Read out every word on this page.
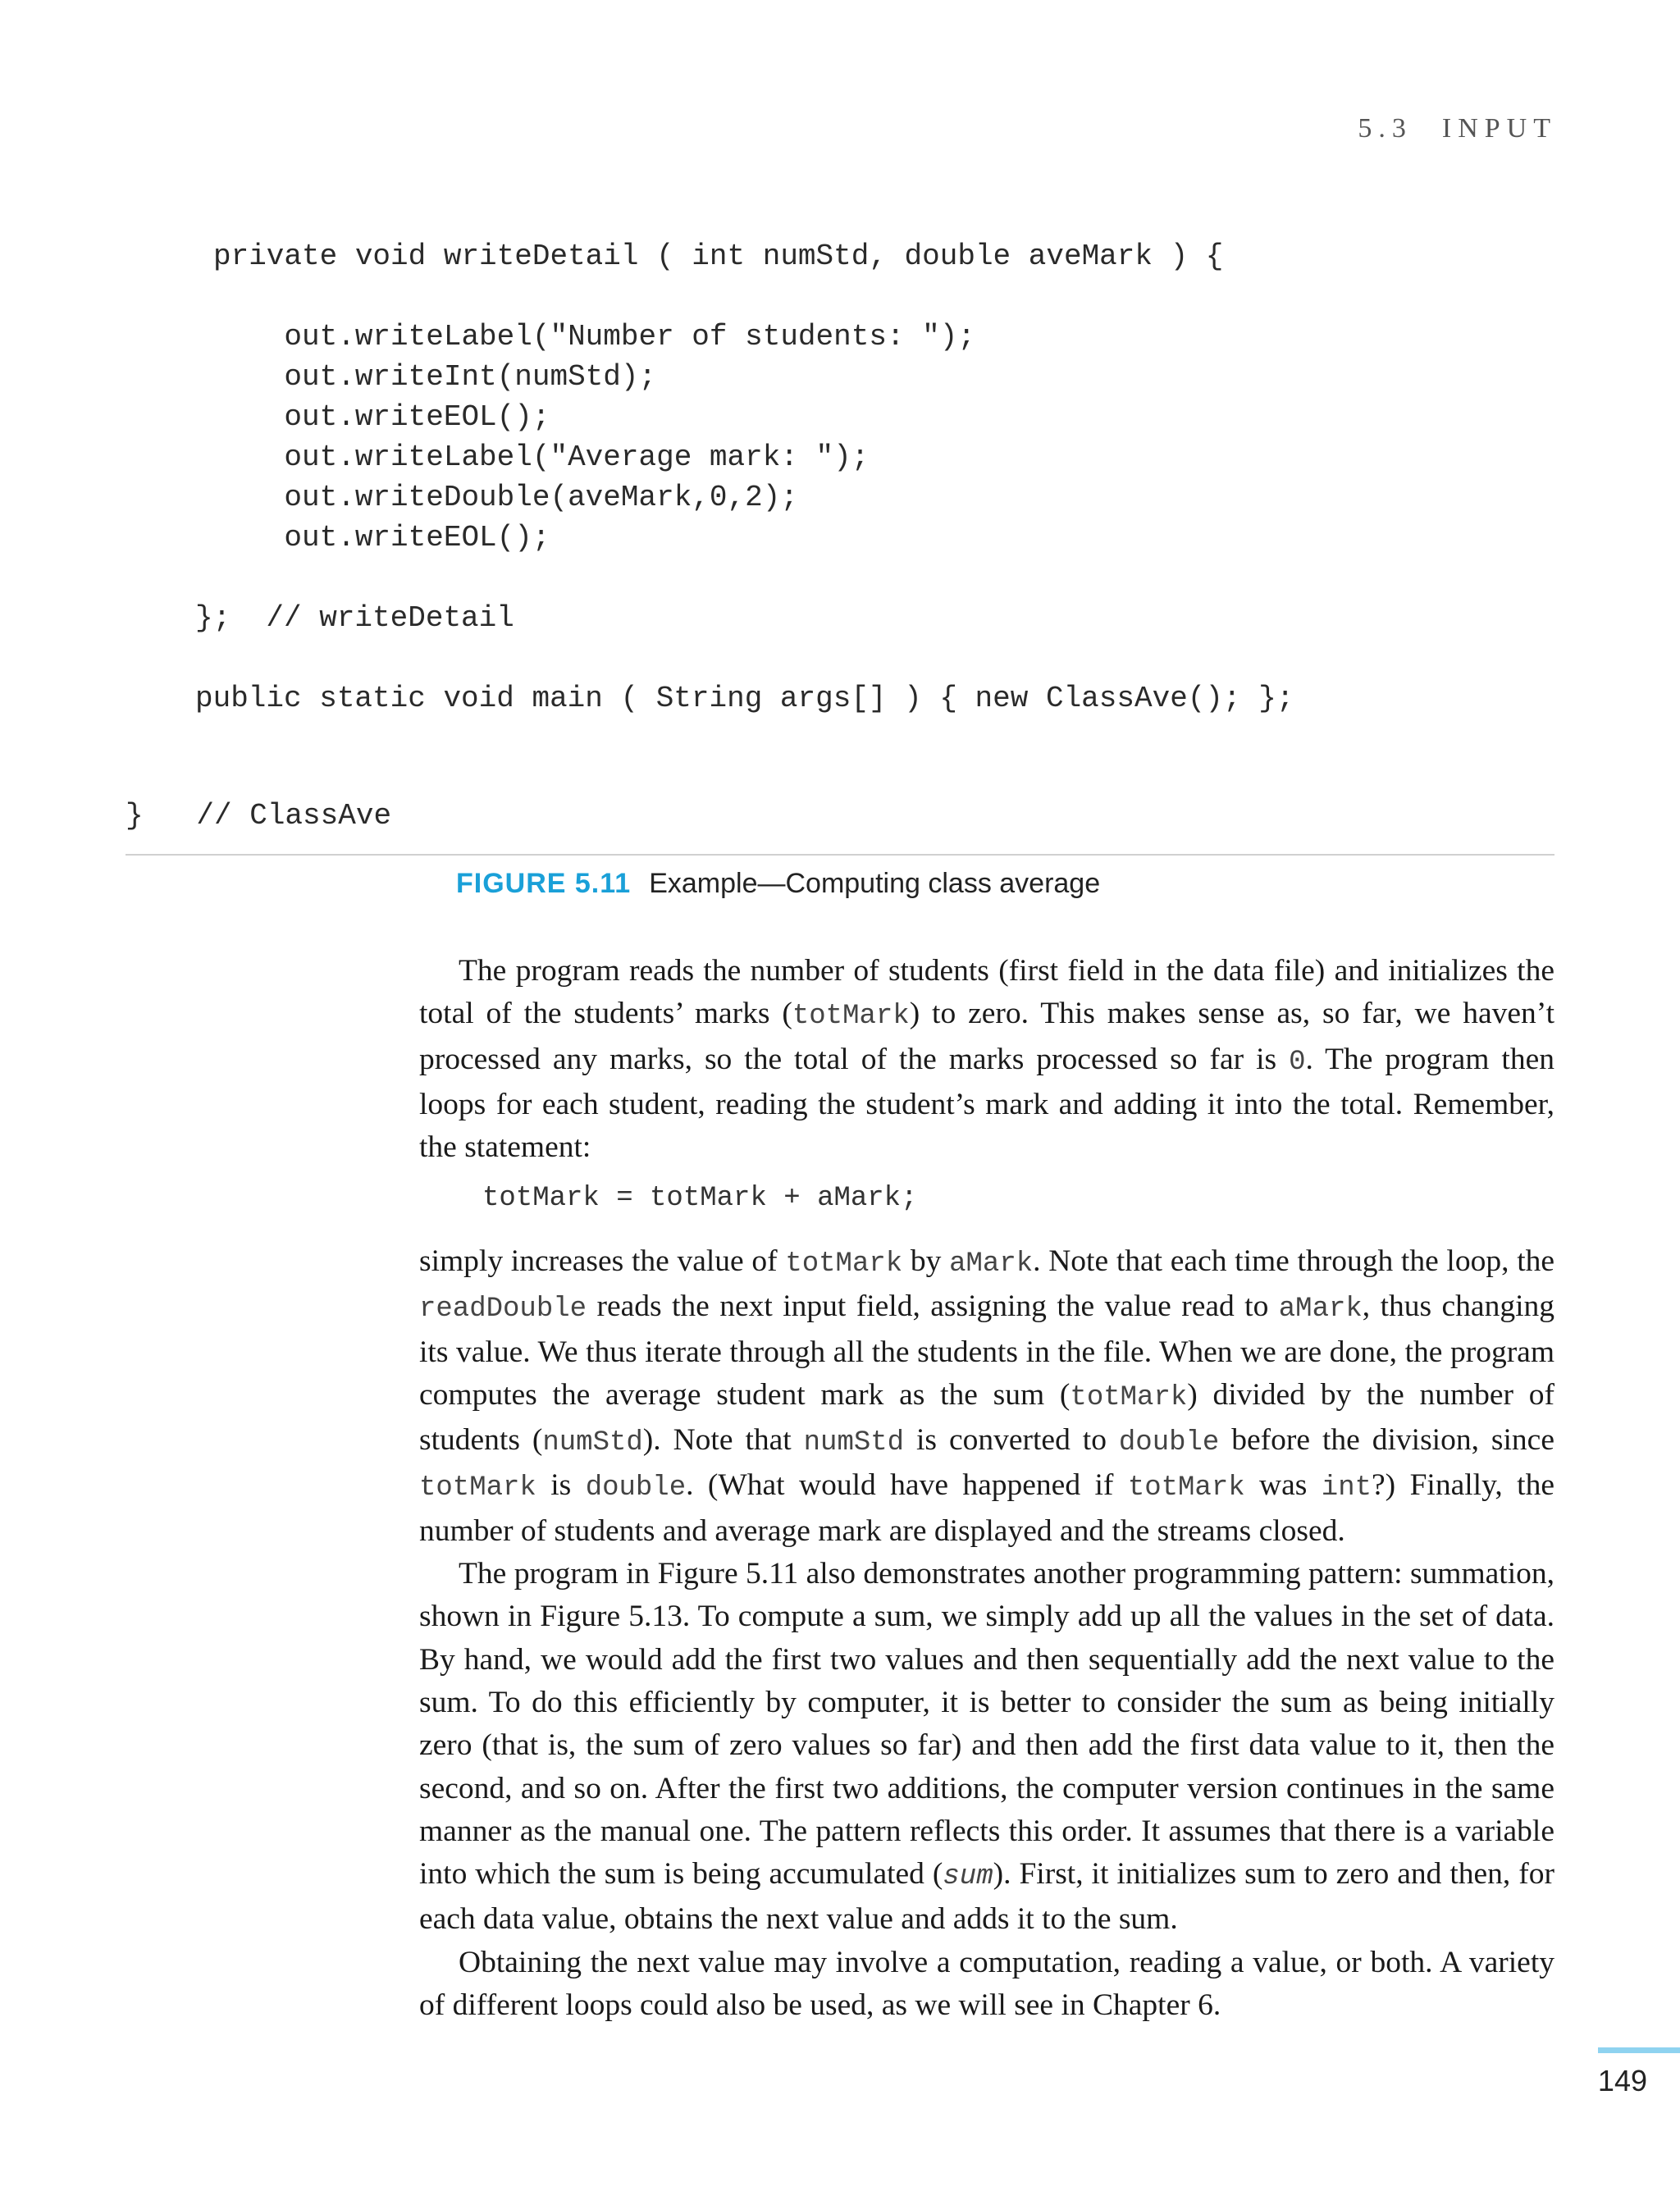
5.3 INPUT
private void writeDetail ( int numStd, double aveMark ) {

out.writeLabel("Number of students: ");
out.writeInt(numStd);
out.writeEOL();
out.writeLabel("Average mark: ");
out.writeDouble(aveMark,0,2);
out.writeEOL();

};  // writeDetail

public static void main ( String args[] ) { new ClassAve(); };
}   // ClassAve
FIGURE 5.11 Example—Computing class average

The program reads the number of students (first field in the data file) and initializes the total of the students’ marks (totMark) to zero. This makes sense as, so far, we haven’t processed any marks, so the total of the marks processed so far is 0. The program then loops for each student, reading the student’s mark and adding it into the total. Remember, the statement:

totMark = totMark + aMark;

simply increases the value of totMark by aMark. Note that each time through the loop, the readDouble reads the next input field, assigning the value read to aMark, thus changing its value. We thus iterate through all the students in the file. When we are done, the program computes the average student mark as the sum (totMark) divided by the number of students (numStd). Note that numStd is converted to double before the division, since totMark is double. (What would have happened if totMark was int?) Finally, the number of students and average mark are displayed and the streams closed.

The program in Figure 5.11 also demonstrates another programming pattern: summation, shown in Figure 5.13. To compute a sum, we simply add up all the values in the set of data. By hand, we would add the first two values and then sequentially add the next value to the sum. To do this efficiently by computer, it is better to consider the sum as being initially zero (that is, the sum of zero values so far) and then add the first data value to it, then the second, and so on. After the first two additions, the computer version continues in the same manner as the manual one. The pattern reflects this order. It assumes that there is a variable into which the sum is being accumulated (sum). First, it initializes sum to zero and then, for each data value, obtains the next value and adds it to the sum.

Obtaining the next value may involve a computation, reading a value, or both. A variety of different loops could also be used, as we will see in Chapter 6.

149
